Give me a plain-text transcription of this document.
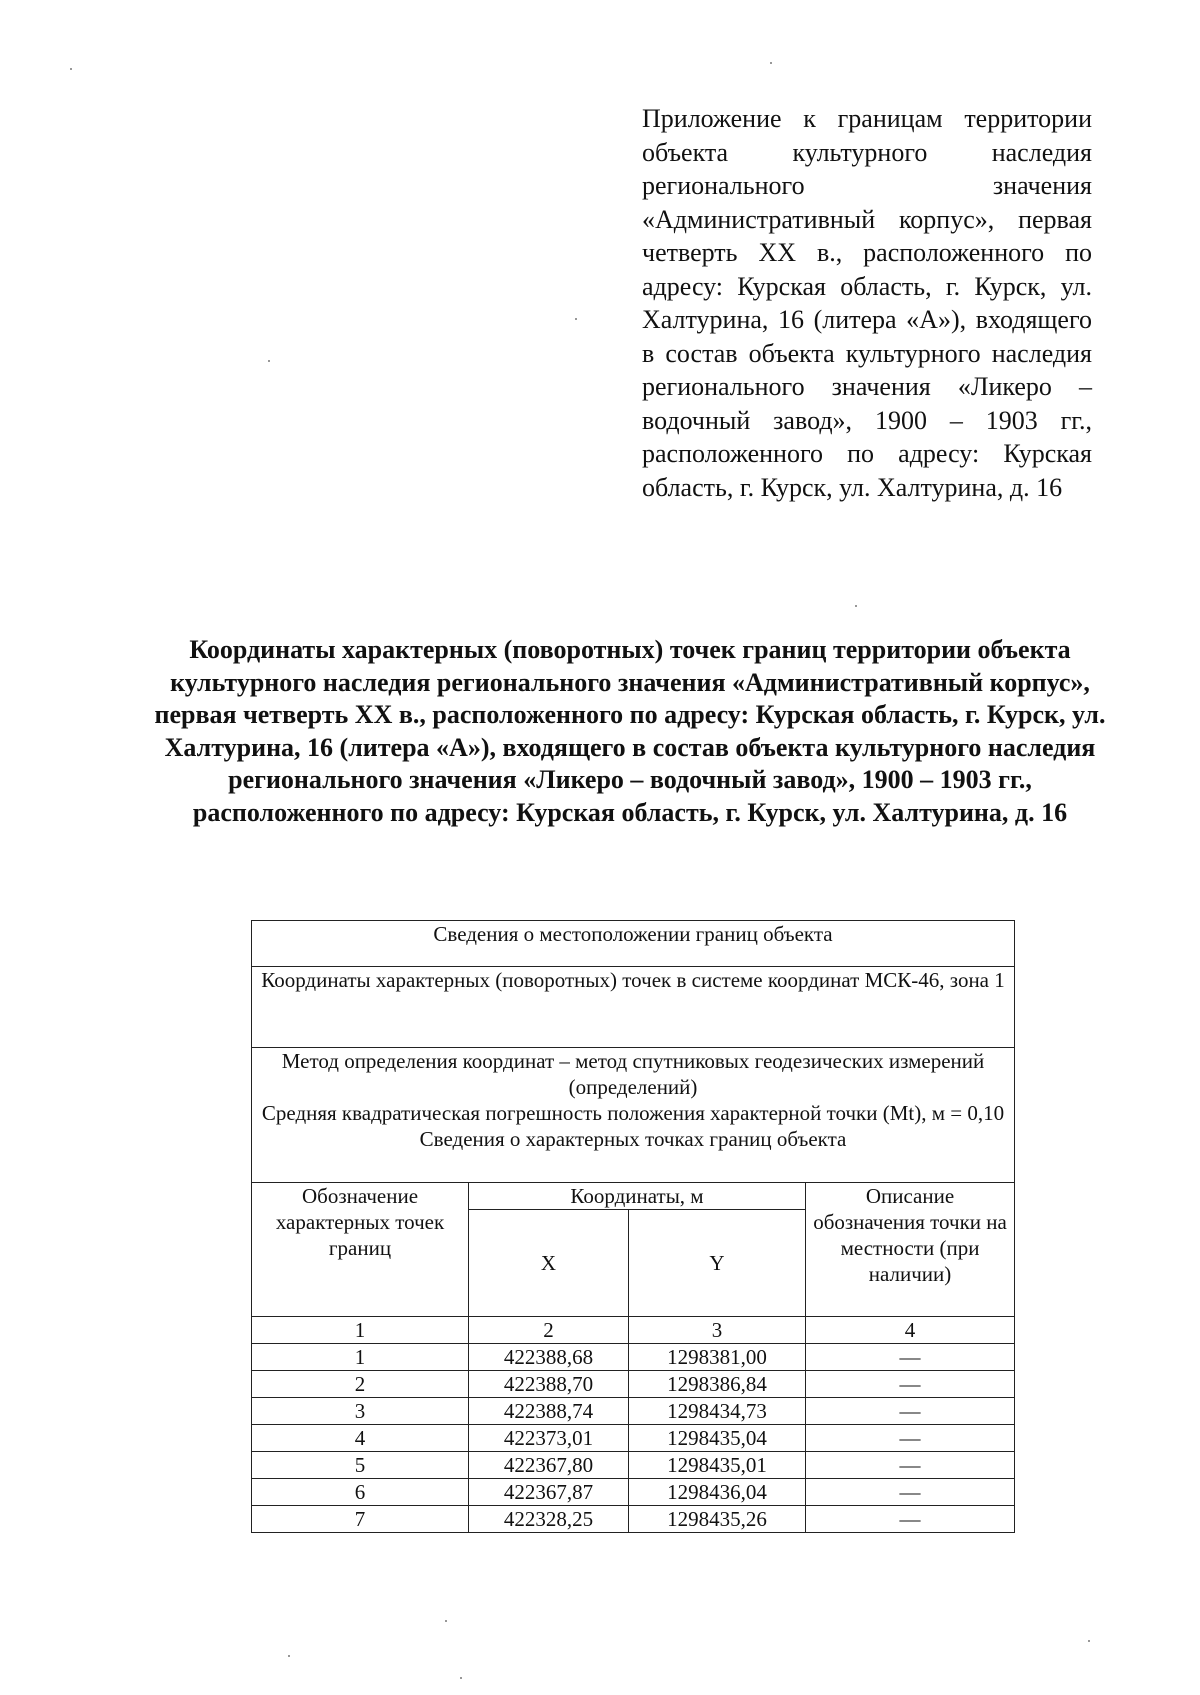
Приложение к границам территории объекта культурного наследия регионального значения «Административный корпус», первая четверть XX в., расположенного по адресу: Курская область, г. Курск, ул. Халтурина, 16 (литера «А»), входящего в состав объекта культурного наследия регионального значения «Ликеро – водочный завод», 1900 – 1903 гг., расположенного по адресу: Курская область, г. Курск, ул. Халтурина, д. 16
Координаты характерных (поворотных) точек границ территории объекта культурного наследия регионального значения «Административный корпус», первая четверть XX в., расположенного по адресу: Курская область, г. Курск, ул. Халтурина, 16 (литера «А»), входящего в состав объекта культурного наследия регионального значения «Ликеро – водочный завод», 1900 – 1903 гг., расположенного по адресу: Курская область, г. Курск, ул. Халтурина, д. 16
Сведения о местоположении границ объекта			
Координаты характерных (поворотных) точек в системе координат МСК-46, зона 1			

Метод определения координат – метод спутниковых геодезических измерений (определений)
Средняя квадратическая погрешность положения характерной точки (Mt), м = 0,10
Сведения о характерных точках границ объекта			

Обозначение характерных точек границ	Координаты, м		Описание обозначения точки на местности (при наличии)
	X	Y	
1	2	3	4
1	422388,68	1298381,00	—
2	422388,70	1298386,84	—
3	422388,74	1298434,73	—
4	422373,01	1298435,04	—
5	422367,80	1298435,01	—
6	422367,87	1298436,04	—
7	422328,25	1298435,26	—
